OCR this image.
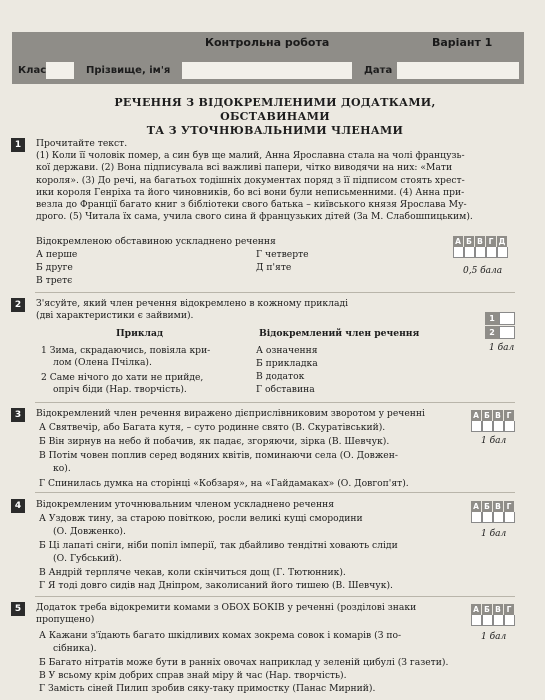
Контрольна робота	Варіант 1
Клас	Прізвище, ім'я	Дата
РЕЧЕННЯ З ВІДОКРЕМЛЕНИМИ ДОДАТКАМИ, ОБСТАВИНАМИ
ТА З УТОЧНЮВАЛЬНИМИ ЧЛЕНАМИ
1	Прочитайте текст.
(1) Коли її чоловік помер, а син був ще малий, Анна Ярославна стала на чолі французь-
кої держави. (2) Вона підписувала всі важливі папери, чітко виводячи на них: «Мати
короля». (3) До речі, на багатьох тодішніх документах поряд з її підписом стоять хрест-
ики короля Генріха та його чиновників, бо всі вони були неписьменними. (4) Анна при-
везла до Франції багато книг з бібліотеки свого батька – київського князя Ярослава Му-
дрого. (5) Читала їх сама, учила свого сина й французьких дітей (За М. Слабошпицьким).
Відокремленою обставиною ускладнено речення
А перше
Б друге
В третє
Г четверте
Д п'яте
А Б В Г Д
0,5 бала
2	З'ясуйте, який член речення відокремлено в кожному прикладі
(дві характеристики є зайвими).
Приклад	Відокремлений член речення
1 Зима, скрадаючись, повіяла кри-
лом (Олена Пчілка).
2 Саме нічого до хати не прийде,
опріч біди (Нар. творчість).
А означення
Б прикладка
В додаток
Г обставина
1
2
1 бал
3	Відокремлений член речення виражено дієприслівниковим зворотом у реченні
А Святвечір, або Багата кутя, – суто родинне свято (В. Скуратівський).
Б Він зирнув на небо й побачив, як падає, згоряючи, зірка (В. Шевчук).
В Потім човен поплив серед водяних квітів, поминаючи села (О. Довжен-
ко).
Г Спинилась думка на сторінці «Кобзаря», на «Гайдамаках» (О. Довгоп'ят).
А Б В Г
1 бал
4	Відокремленим уточнювальним членом ускладнено речення
А Уздовж тину, за старою повіткою, росли великі кущі смородини
(О. Довженко).
Б Ці лапаті сніги, ніби попіл імперії, так дбайливо тендітні ховають сліди
(О. Губський).
В Андрій терпляче чекав, коли скінчиться дощ (Г. Тютюнник).
Г Я тоді довго сидів над Дніпром, заколисаний його тишею (В. Шевчук).
А Б В Г
1 бал
5	Додаток треба відокремити комами з ОБОХ БОКІВ у реченні (розділові знаки
пропущено)
А Кажани з'їдають багато шкідливих комах зокрема совок і комарів (З по-
сібника).
Б Багато нітратів може бути в ранніх овочах наприклад у зеленій цибулі (З газети).
В У всьому крім добрих справ знай міру й час (Нар. творчість).
Г Замість сіней Пилип зробив сяку-таку примостку (Панас Мирний).
А Б В Г
1 бал
